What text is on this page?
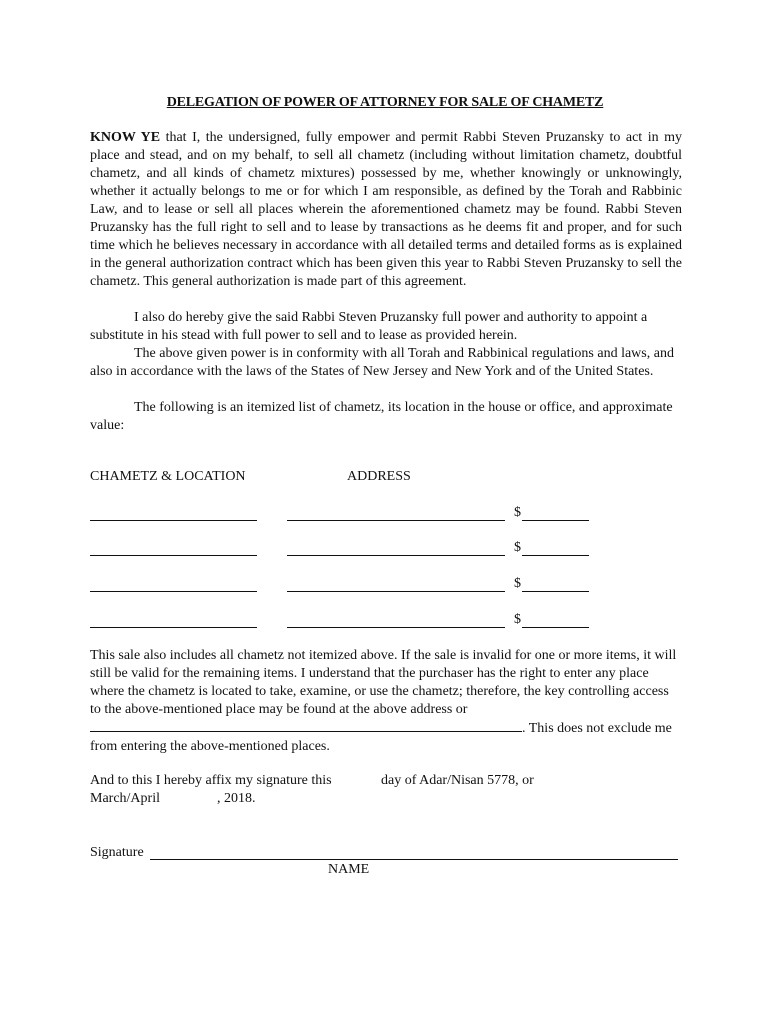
DELEGATION OF POWER OF ATTORNEY FOR SALE OF CHAMETZ

KNOW YE that I, the undersigned, fully empower and permit Rabbi Steven Pruzansky to act in my place and stead, and on my behalf, to sell all chametz (including without limitation chametz, doubtful chametz, and all kinds of chametz mixtures) possessed by me, whether knowingly or unknowingly, whether it actually belongs to me or for which I am responsible, as defined by the Torah and Rabbinic Law, and to lease or sell all places wherein the aforementioned chametz may be found. Rabbi Steven Pruzansky has the full right to sell and to lease by transactions as he deems fit and proper, and for such time which he believes necessary in accordance with all detailed terms and detailed forms as is explained in the general authorization contract which has been given this year to Rabbi Steven Pruzansky to sell the chametz. This general authorization is made part of this agreement.

I also do hereby give the said Rabbi Steven Pruzansky full power and authority to appoint a substitute in his stead with full power to sell and to lease as provided herein.

The above given power is in conformity with all Torah and Rabbinical regulations and laws, and also in accordance with the laws of the States of New Jersey and New York and of the United States.

The following is an itemized list of chametz, its location in the house or office, and approximate value:

CHAMETZ & LOCATION	ADDRESS
$
$
$
$

This sale also includes all chametz not itemized above. If the sale is invalid for one or more items, it will still be valid for the remaining items. I understand that the purchaser has the right to enter any place where the chametz is located to take, examine, or use the chametz; therefore, the key controlling access to the above-mentioned place may be found at the above address or. This does not exclude me from entering the above-mentioned places.

And to this I hereby affix my signature this	day of Adar/Nisan 5778, or
March/April	, 2018.
Signature
NAME
